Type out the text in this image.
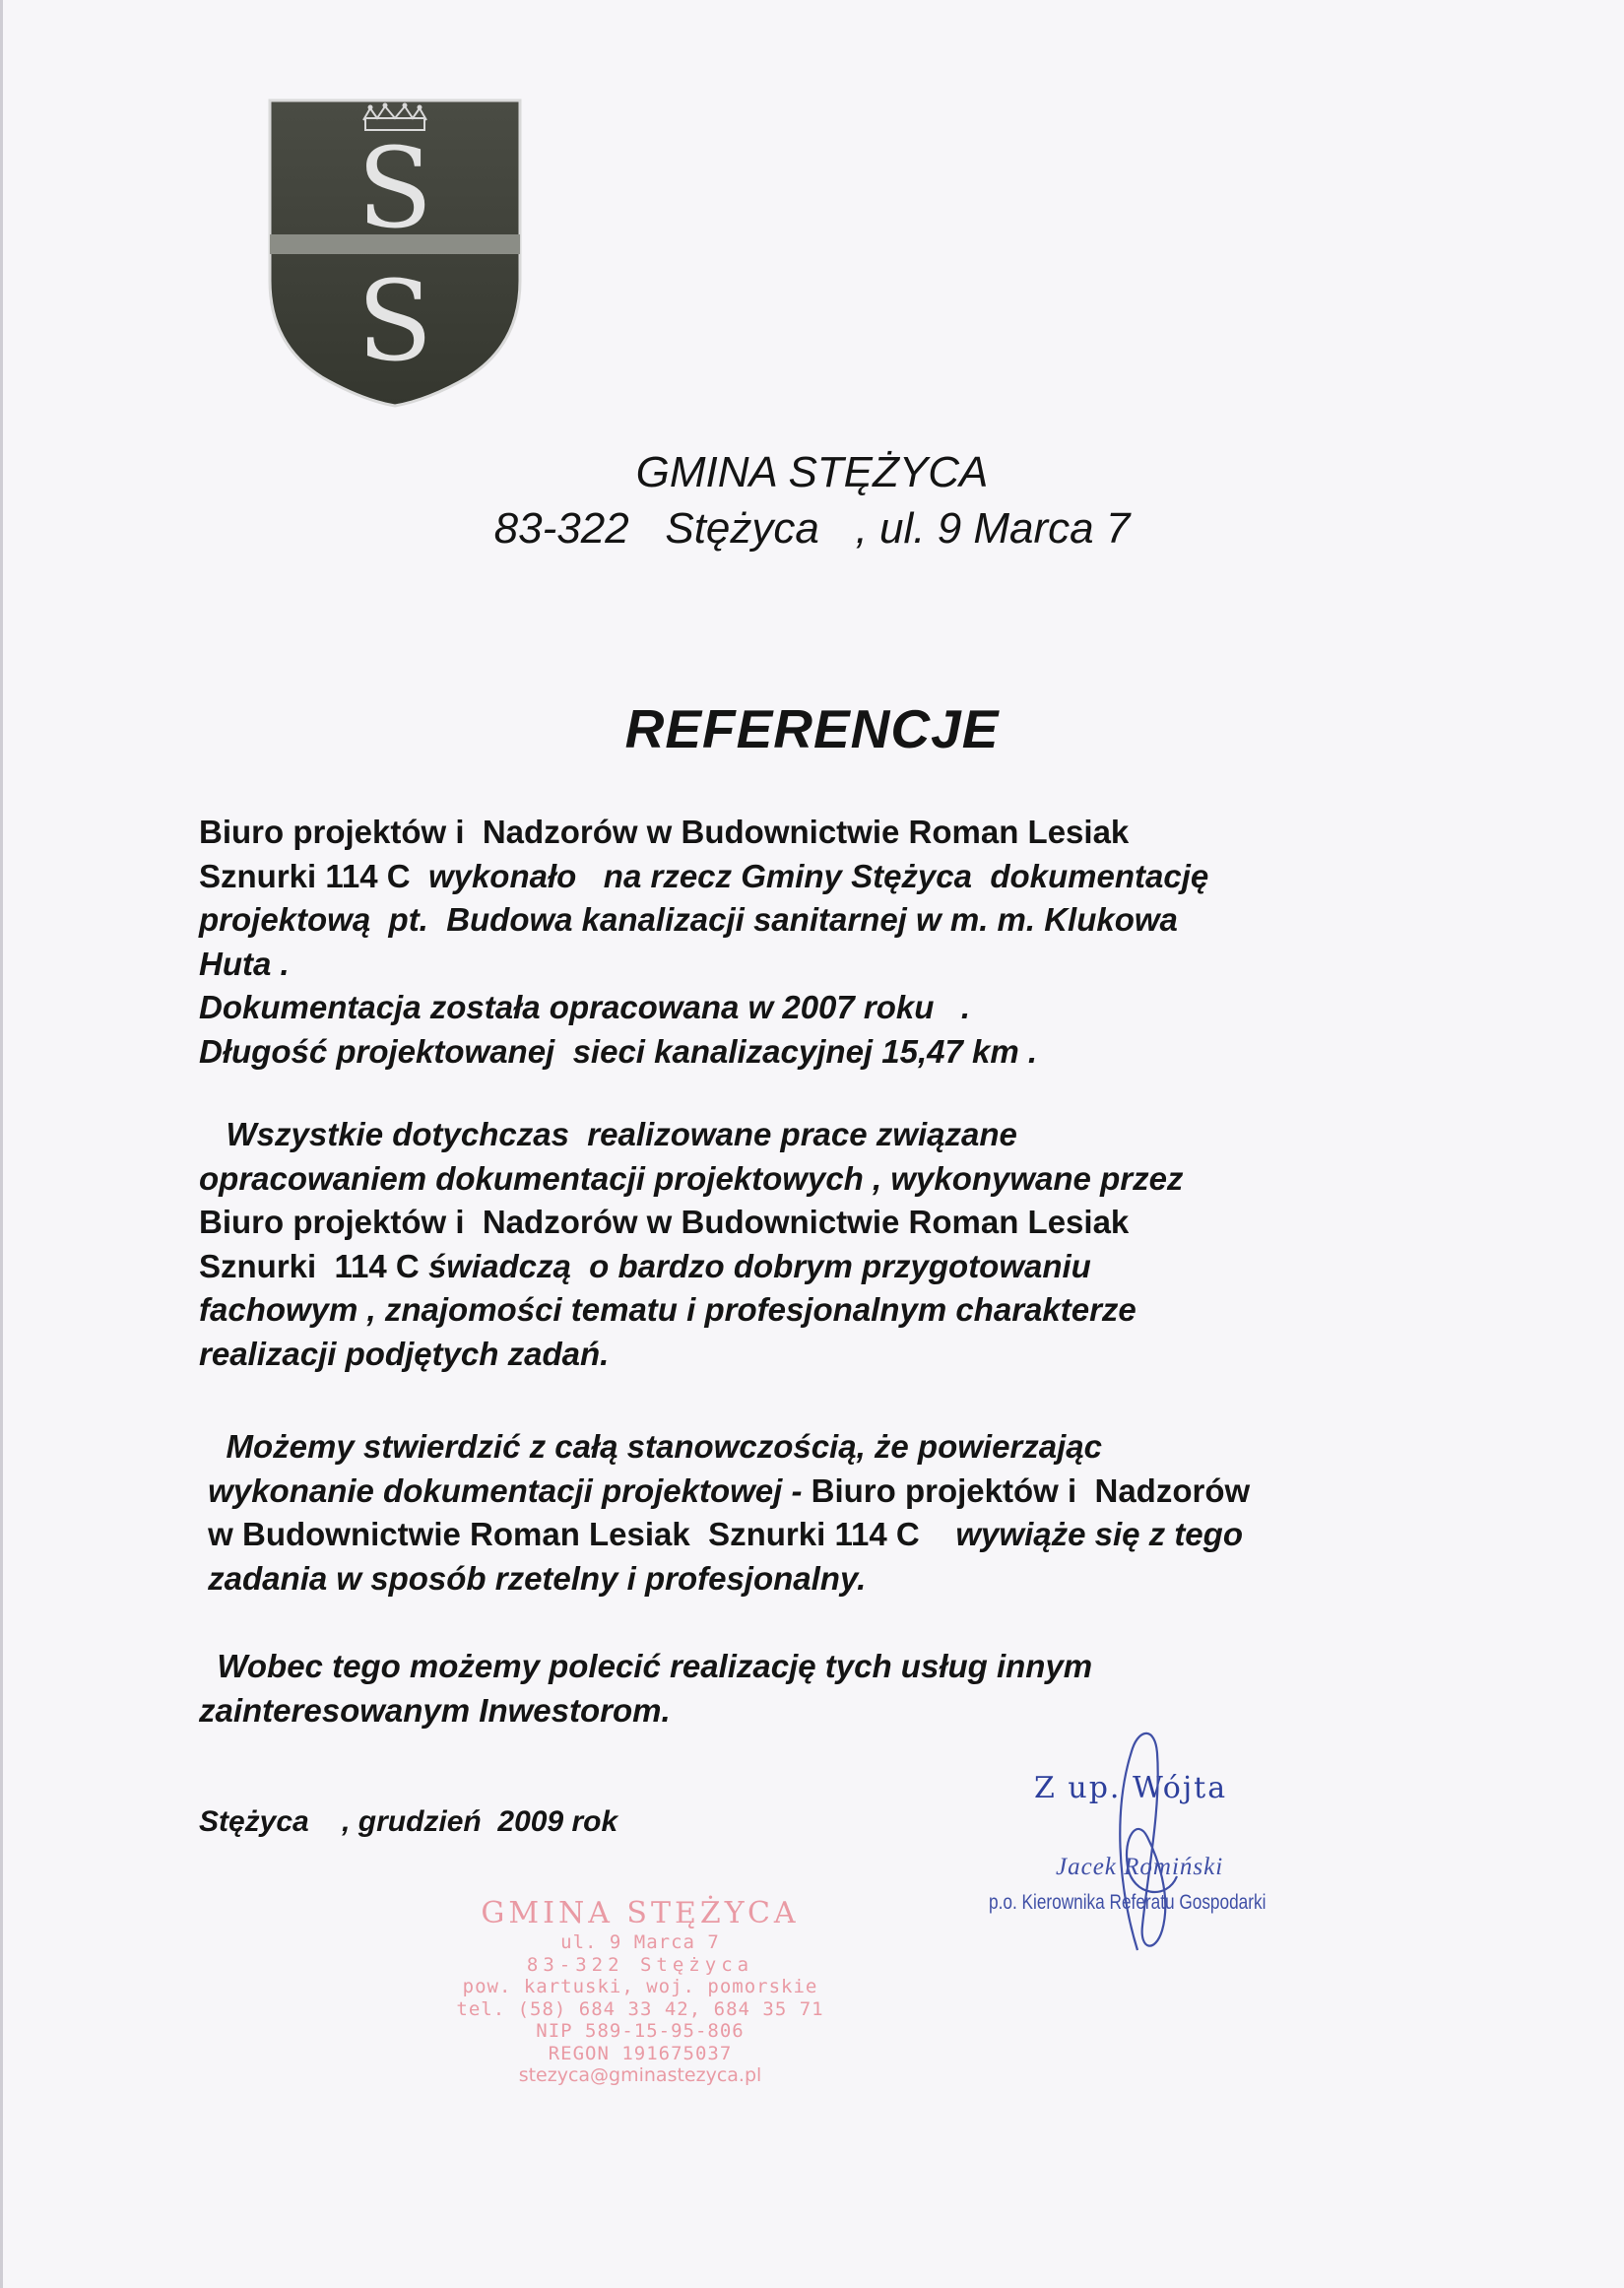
S
S
GMINA STĘŻYCA
83-322 Stężyca , ul. 9 Marca 7
REFERENCJE
Biuro projektów i  Nadzorów w Budownictwie Roman Lesiak
Sznurki 114 C  wykonało   na rzecz Gminy Stężyca  dokumentację
projektową  pt.  Budowa kanalizacji sanitarnej w m. m. Klukowa
Huta .
Dokumentacja została opracowana w 2007 roku   .
Długość projektowanej  sieci kanalizacyjnej 15,47 km .
Wszystkie dotychczas  realizowane prace związane
opracowaniem dokumentacji projektowych , wykonywane przez
Biuro projektów i  Nadzorów w Budownictwie Roman Lesiak
Sznurki  114 C świadczą  o bardzo dobrym przygotowaniu
fachowym , znajomości tematu i profesjonalnym charakterze
realizacji podjętych zadań.
Możemy stwierdzić z całą stanowczością, że powierzając
wykonanie dokumentacji projektowej - Biuro projektów i  Nadzorów
w Budownictwie Roman Lesiak  Sznurki 114 C    wywiąże się z tego
zadania w sposób rzetelny i profesjonalny.
Wobec tego możemy polecić realizację tych usług innym
zainteresowanym Inwestorom.
Stężyca    , grudzień  2009 rok
Z up. Wójta
Jacek Romiński
p.o. Kierownika Referatu Gospodarki
GMINA STĘŻYCA
ul. 9 Marca 7
83-322 Stężyca
pow. kartuski, woj. pomorskie
tel. (58) 684 33 42, 684 35 71
NIP 589-15-95-806
REGON 191675037
stezyca@gminastezyca.pl
